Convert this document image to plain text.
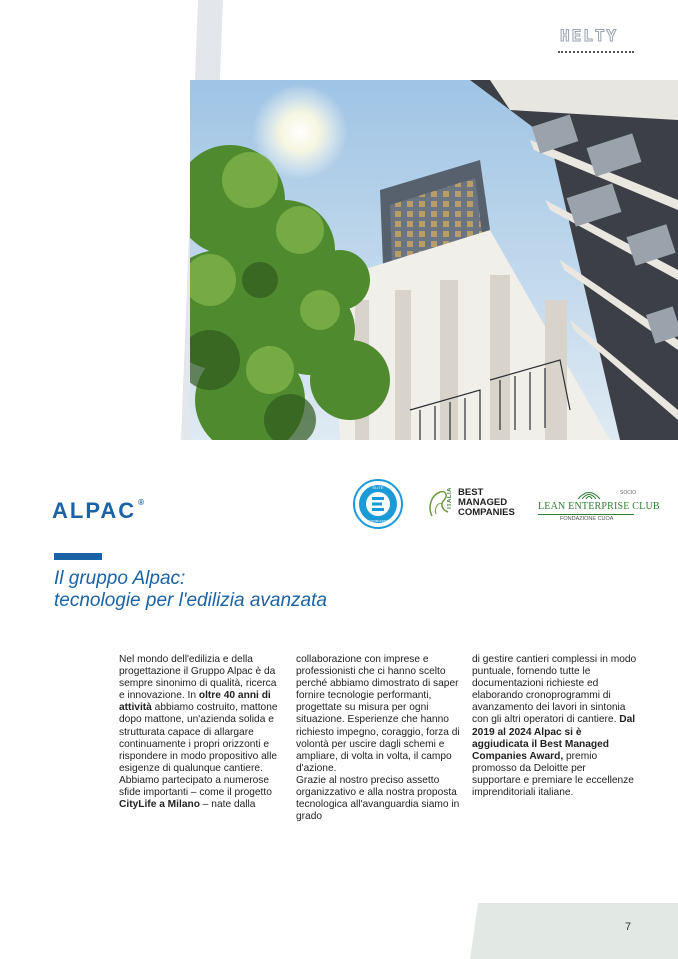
HELTY
ALPAC ®
ELITE
COMMUNITY
ITALIA BEST
MANAGED
COMPANIES
SOCIO
LEAN ENTERPRISE CLUB
FONDAZIONE CUOA
Il gruppo Alpac:
tecnologie per l'edilizia avanzata
Nel mondo dell'edilizia e della progettazione il Gruppo Alpac è da sempre sinonimo di qualità, ricerca e innovazione. In oltre 40 anni di attività abbiamo costruito, mattone dopo mattone, un'azienda solida e strutturata capace di allargare continuamente i propri orizzonti e rispondere in modo propositivo alle esigenze di qualunque cantiere.
Abbiamo partecipato a numerose sfide importanti – come il progetto CityLife a Milano – nate dalla
collaborazione con imprese e professionisti che ci hanno scelto perché abbiamo dimostrato di saper fornire tecnologie performanti, progettate su misura per ogni situazione. Esperienze che hanno richiesto impegno, coraggio, forza di volontà per uscire dagli schemi e ampliare, di volta in volta, il campo d'azione.
Grazie al nostro preciso assetto organizzativo e alla nostra proposta tecnologica all'avanguardia siamo in grado
di gestire cantieri complessi in modo puntuale, fornendo tutte le documentazioni richieste ed elaborando cronoprogrammi di avanzamento dei lavori in sintonia con gli altri operatori di cantiere. Dal 2019 al 2024 Alpac si è aggiudicata il Best Managed Companies Award, premio promosso da Deloitte per supportare e premiare le eccellenze imprenditoriali italiane.
7
